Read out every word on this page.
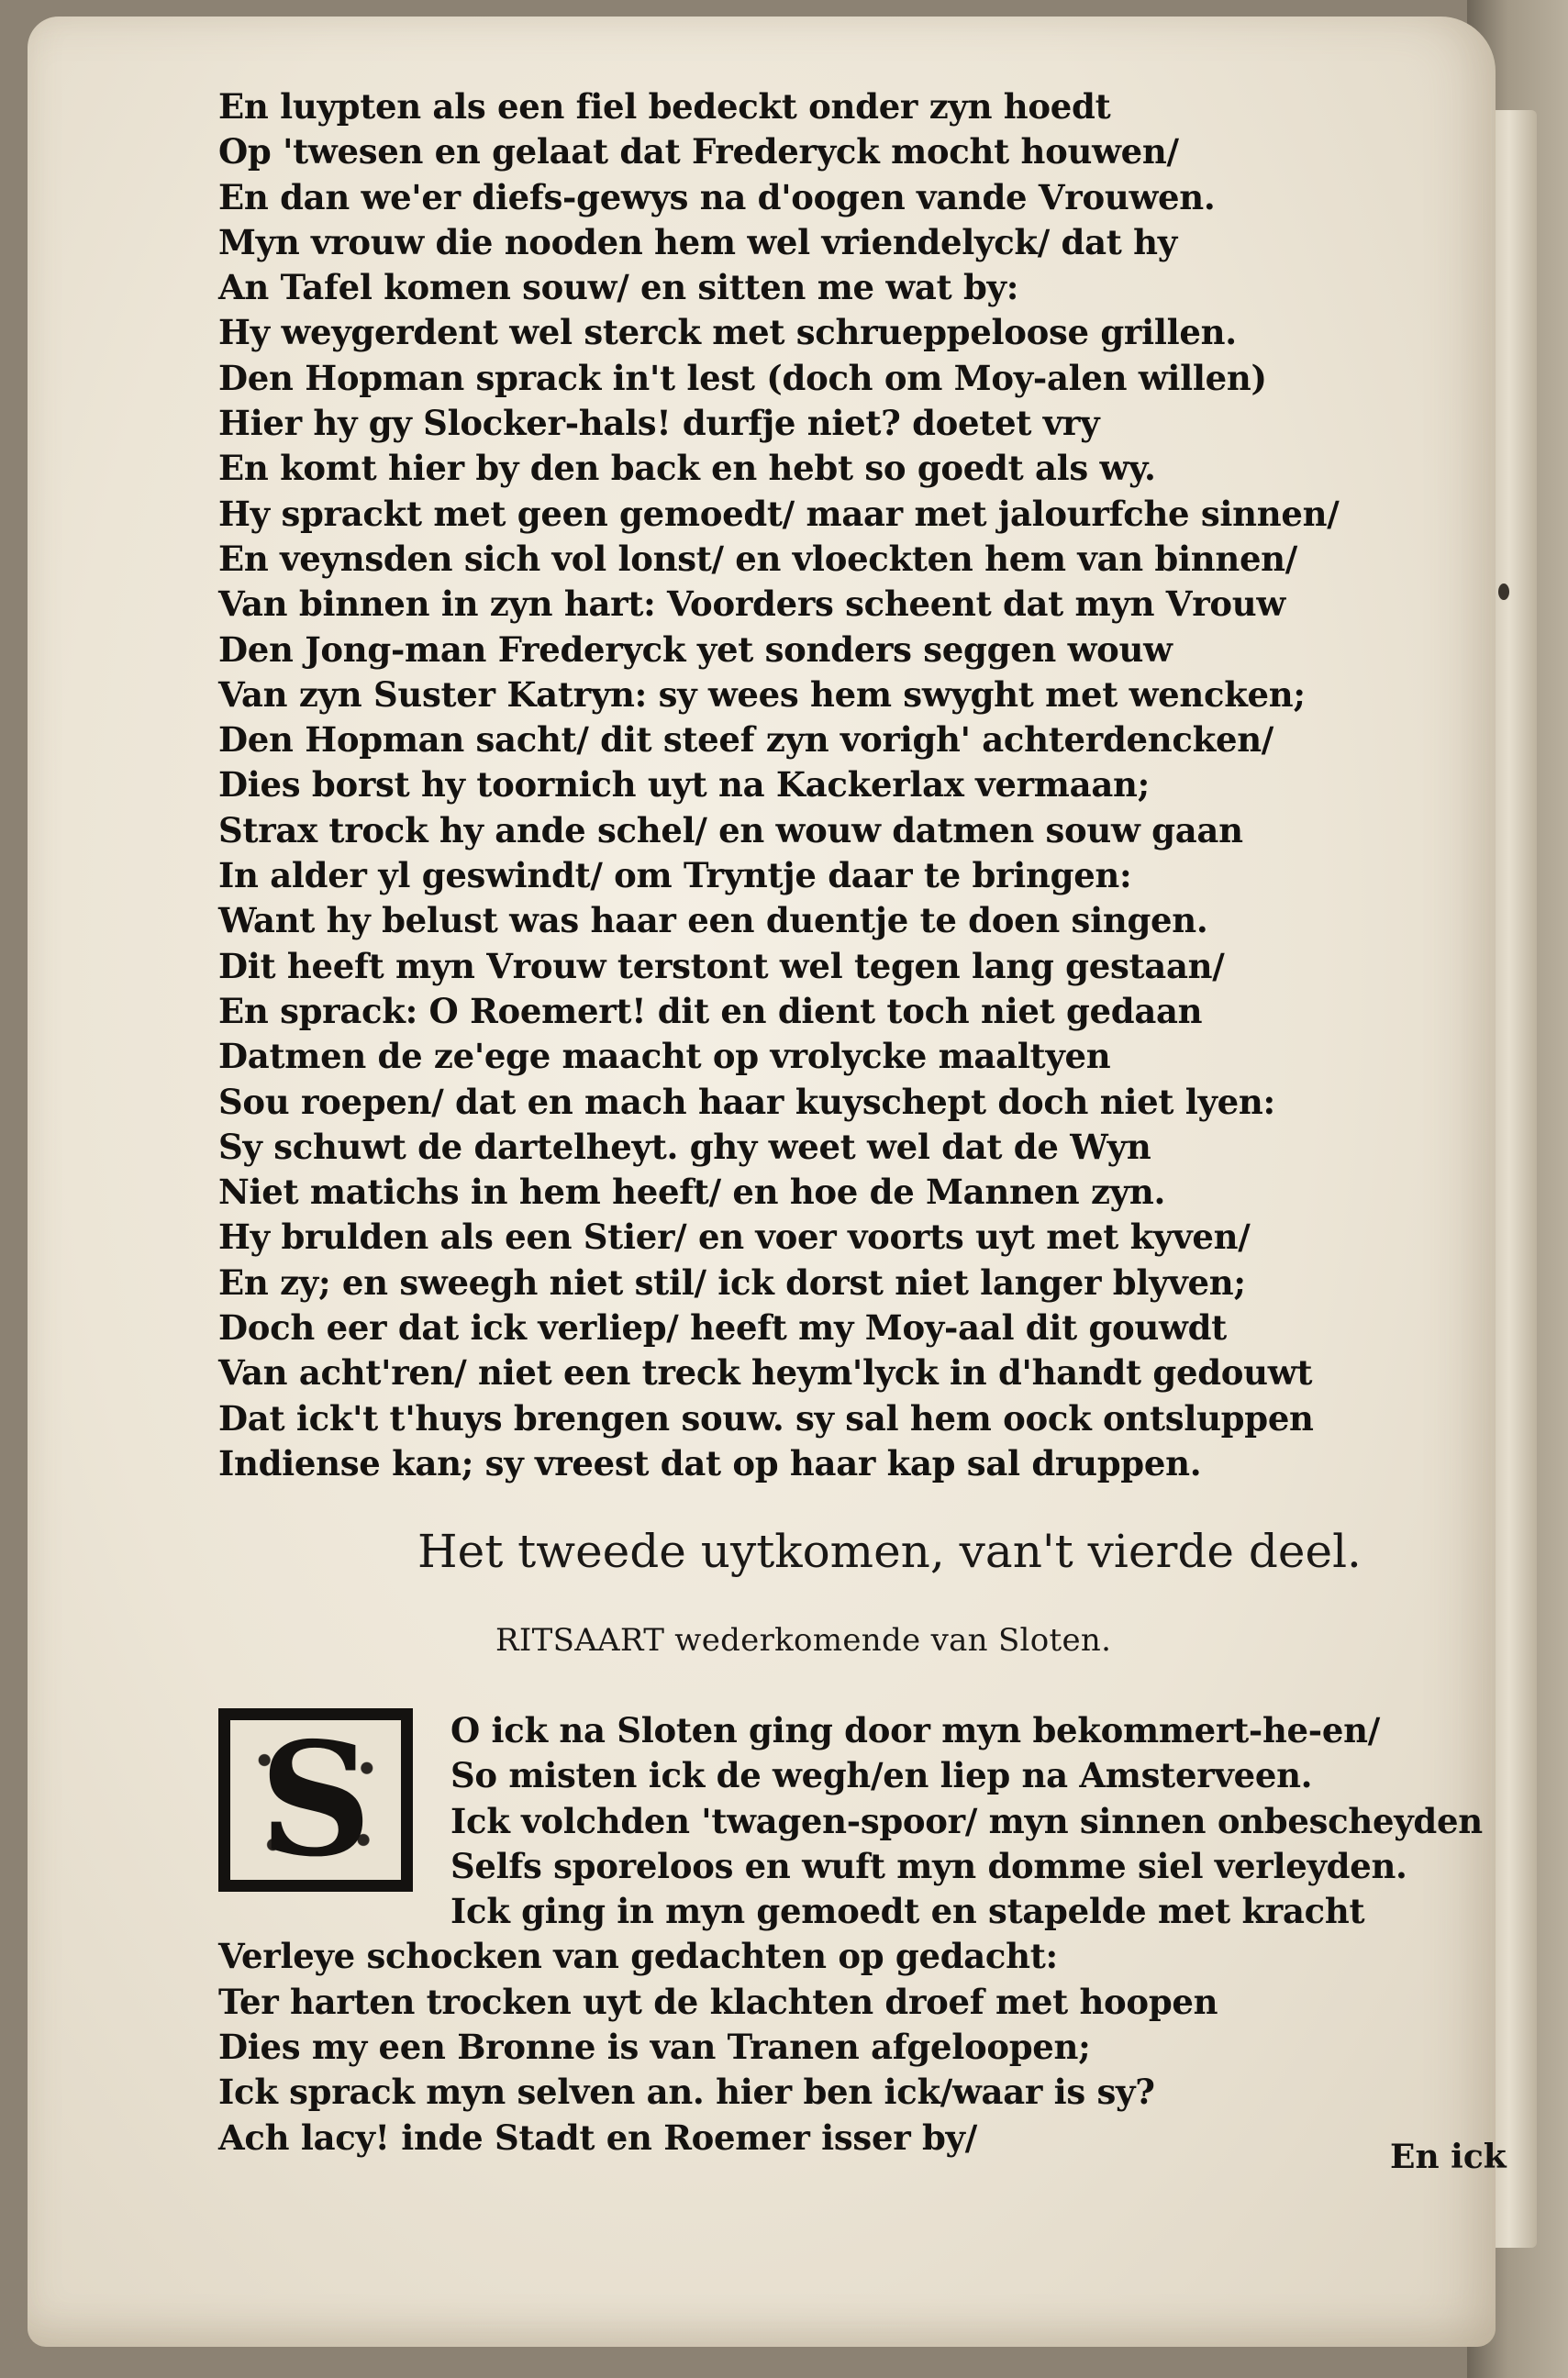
En luypten als een fiel bedeckt onder zyn hoedt
Op 'twesen en gelaat dat Frederyck mocht houwen/
En dan we'er diefs-gewys na d'oogen vande Vrouwen.
Myn vrouw die nooden hem wel vriendelyck/ dat hy
An Tafel komen souw/ en sitten me wat by:
Hy weygerdent wel sterck met schrueppeloose grillen.
Den Hopman sprack in't lest (doch om Moy-alen willen)
Hier hy gy Slocker-hals! durfje niet? doetet vry
En komt hier by den back en hebt so goedt als wy.
Hy sprackt met geen gemoedt/ maar met jalourfche sinnen/
En veynsden sich vol lonst/ en vloeckten hem van binnen/
Van binnen in zyn hart: Voorders scheent dat myn Vrouw
Den Jong-man Frederyck yet sonders seggen wouw
Van zyn Suster Katryn: sy wees hem swyght met wencken;
Den Hopman sacht/ dit steef zyn vorigh' achterdencken/
Dies borst hy toornich uyt na Kackerlax vermaan;
Strax trock hy ande schel/ en wouw datmen souw gaan
In alder yl geswindt/ om Tryntje daar te bringen:
Want hy belust was haar een duentje te doen singen.
Dit heeft myn Vrouw terstont wel tegen lang gestaan/
En sprack: O Roemert! dit en dient toch niet gedaan
Datmen de ze'ege maacht op vrolycke maaltyen
Sou roepen/ dat en mach haar kuyschept doch niet lyen:
Sy schuwt de dartelheyt. ghy weet wel dat de Wyn
Niet matichs in hem heeft/ en hoe de Mannen zyn.
Hy brulden als een Stier/ en voer voorts uyt met kyven/
En zy; en sweegh niet stil/ ick dorst niet langer blyven;
Doch eer dat ick verliep/ heeft my Moy-aal dit gouwdt
Van acht'ren/ niet een treck heym'lyck in d'handt gedouwt
Dat ick't t'huys brengen souw. sy sal hem oock ontsluppen
Indiense kan; sy vreest dat op haar kap sal druppen.
Het tweede uytkomen, van't vierde deel.
RITSAART wederkomende van Sloten.
S	O ick na Sloten ging door myn bekommert-he-en/
So misten ick de wegh/en liep na Amsterveen.
Ick volchden 'twagen-spoor/ myn sinnen onbescheyden
Selfs sporeloos en wuft myn domme siel verleyden.
Ick ging in myn gemoedt en stapelde met kracht
Verleye schocken van gedachten op gedacht:
Ter harten trocken uyt de klachten droef met hoopen
Dies my een Bronne is van Tranen afgeloopen;
Ick sprack myn selven an. hier ben ick/waar is sy?
Ach lacy! inde Stadt en Roemer isser by/	En ick
